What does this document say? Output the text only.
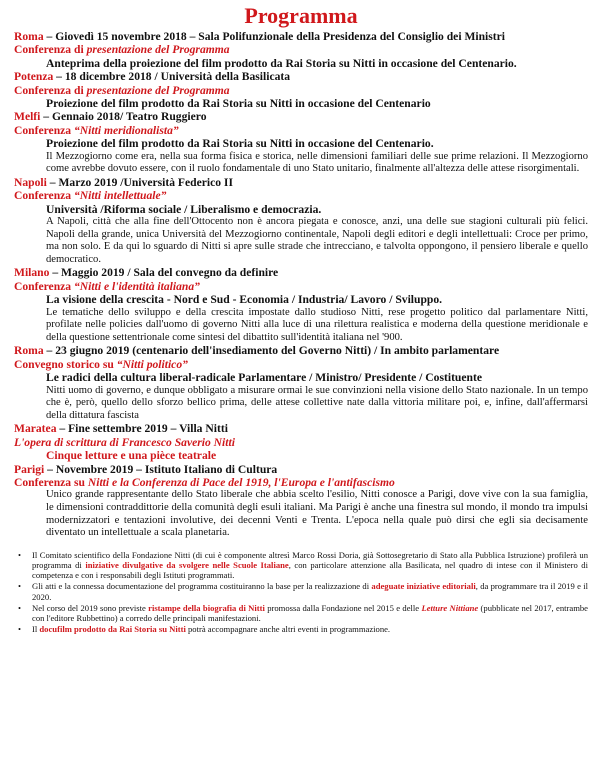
Programma
Roma – Giovedì 15 novembre 2018 – Sala Polifunzionale della Presidenza del Consiglio dei Ministri
Conferenza di presentazione del Programma
Anteprima della proiezione del film prodotto da Rai Storia su Nitti in occasione del Centenario.
Potenza – 18 dicembre 2018 / Università della Basilicata
Conferenza di presentazione del Programma
Proiezione del film prodotto da Rai Storia su Nitti in occasione del Centenario
Melfi – Gennaio 2018/ Teatro Ruggiero
Conferenza “Nitti meridionalista”
Proiezione del film prodotto da Rai Storia su Nitti in occasione del Centenario.
Il Mezzogiorno come era, nella sua forma fisica e storica, nelle dimensioni familiari delle sue prime relazioni. Il Mezzogiorno come avrebbe dovuto essere, con il ruolo fondamentale di uno Stato unitario, finalmente all'altezza delle attese risorgimentali.
Napoli – Marzo 2019 /Università Federico II
Conferenza “Nitti intellettuale”
Università /Riforma sociale / Liberalismo e democrazia.
A Napoli, città che alla fine dell'Ottocento non è ancora piegata e conosce, anzi, una delle sue stagioni culturali più felici. Napoli della grande, unica Università del Mezzogiorno continentale, Napoli degli editori e degli intellettuali: Croce per primo, ma non solo. E da qui lo sguardo di Nitti si apre sulle strade che intrecciano, e talvolta oppongono, il pensiero liberale e quello democratico.
Milano – Maggio 2019 / Sala del convegno da definire
Conferenza “Nitti e l'identità italiana”
La visione della crescita - Nord e Sud - Economia / Industria/ Lavoro / Sviluppo.
Le tematiche dello sviluppo e della crescita impostate dallo studioso Nitti, rese progetto politico dal parlamentare Nitti, profilate nelle policies dall'uomo di governo Nitti alla luce di una rilettura realistica e moderna della questione meridionale e della questione settentrionale come sintesi del dibattito sull'identità italiana nel '900.
Roma – 23 giugno 2019 (centenario dell'insediamento del Governo Nitti) / In ambito parlamentare
Convegno storico su “Nitti politico”
Le radici della cultura liberal-radicale Parlamentare / Ministro/ Presidente / Costituente
Nitti uomo di governo, e dunque obbligato a misurare ormai le sue convinzioni nella visione dello Stato nazionale. In un tempo che è, però, quello dello sforzo bellico prima, delle attese collettive nate dalla vittoria militare poi, e, infine, dall'affermarsi della dittatura fascista
Maratea – Fine settembre 2019 – Villa Nitti
L'opera di scrittura di Francesco Saverio Nitti
Cinque letture e una pièce teatrale
Parigi – Novembre 2019 – Istituto Italiano di Cultura
Conferenza su Nitti e la Conferenza di Pace del 1919, l'Europa e l'antifascismo
Unico grande rappresentante dello Stato liberale che abbia scelto l'esilio, Nitti conosce a Parigi, dove vive con la sua famiglia, le dimensioni contraddittorie della comunità degli esuli italiani. Ma Parigi è anche una finestra sul mondo, il mondo tra impulsi modernizzatori e tentazioni involutive, dei decenni Venti e Trenta. L'epoca nella quale può dirsi che egli sia decisamente diventato un intellettuale a scala planetaria.
•	Il Comitato scientifico della Fondazione Nitti (di cui è componente altresì Marco Rossi Doria, già Sottosegretario di Stato alla Pubblica Istruzione) profilerà un programma di iniziative divulgative da svolgere nelle Scuole Italiane, con particolare attenzione alla Basilicata, nel quadro di intese con il Ministero di competenza e con i responsabili degli Istituti programmati.
•	Gli atti e la connessa documentazione del programma costituiranno la base per la realizzazione di adeguate iniziative editoriali, da programmare tra il 2019 e il 2020.
•	Nel corso del 2019 sono previste ristampe della biografia di Nitti promossa dalla Fondazione nel 2015 e delle Letture Nittiane (pubblicate nel 2017, entrambe con l'editore Rubbettino) a corredo delle principali manifestazioni.
•	Il docufilm prodotto da Rai Storia su Nitti potrà accompagnare anche altri eventi in programmazione.
